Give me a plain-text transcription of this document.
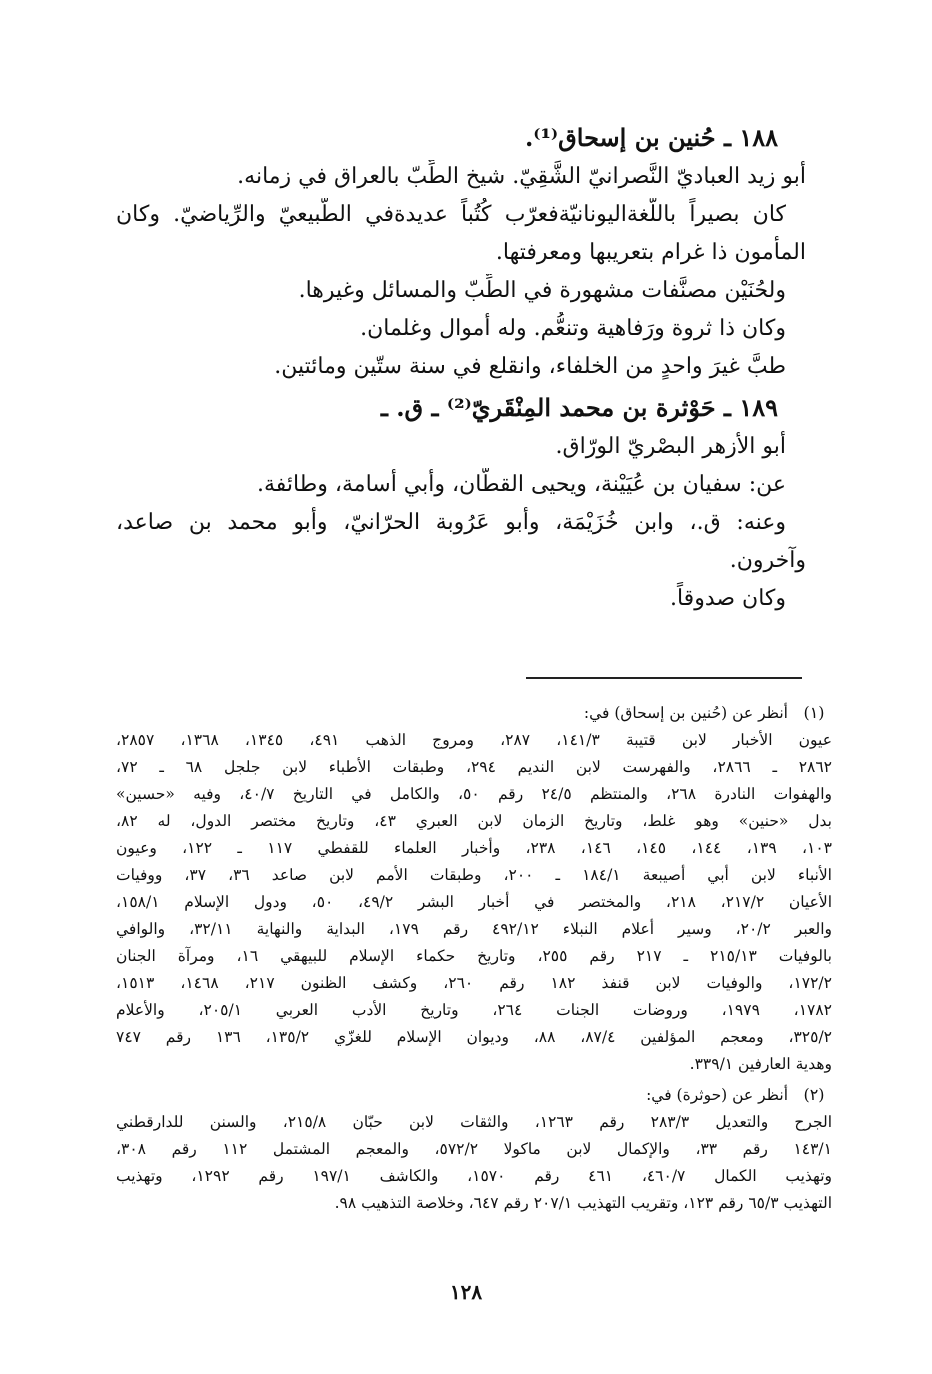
١٨٨ ـ حُنين بن إسحاق⁽¹⁾.
أبو زيد العباديّ النَّصرانيّ الشَّقِيّ. شيخ الطِّبّ بالعراق في زمانه.
كان بصيراً باللّغةاليونانيّةفعرّب كُتُباً عديدةفي الطّبيعيّ والرِّياضيّ. وكان
المأمون ذا غرام بتعريبها ومعرفتها.
ولحُنَيْن مصنَّفات مشهورة في الطِّبّ والمسائل وغيرها.
وكان ذا ثروة ورَفاهية وتنعُّم. وله أموال وغلمان.
طبَّ غيرَ واحدٍ من الخلفاء، وانقلع في سنة ستّين ومائتين.
١٨٩ ـ حَوْثرة بن محمد المِنْقَريّ⁽²⁾ ـ ق. ـ
أبو الأزهر البصْريّ الورّاق.
عن: سفيان بن عُيَيْنة، ويحيى القطّان، وأبي أسامة، وطائفة.
وعنه: ق.، وابن خُزَيْمَة، وأبو عَرُوبة الحرّانيّ، وأبو محمد بن صاعد،
وآخرون.
وكان صدوقاً.
(١)
أنظر عن (حُنين بن إسحاق) في:
عيون الأخبار لابن قتيبة ١٤١/٣، ٢٨٧، ومروج الذهب ٤٩١، ١٣٤٥، ١٣٦٨، ٢٨٥٧،
٢٨٦٢ ـ ٢٨٦٦، والفهرست لابن النديم ٢٩٤، وطبقات الأطباء لابن جلجل ٦٨ ـ ٧٢،
والهفوات النادرة ٢٦٨، والمنتظم ٢٤/٥ رقم ٥٠، والكامل في التاريخ ٤٠/٧، وفيه «حسين»
بدل «حنين» وهو غلط، وتاريخ الزمان لابن العبري ٤٣، وتاريخ مختصر الدول، له ٨٢،
١٠٣، ١٣٩، ١٤٤، ١٤٥، ١٤٦، ٢٣٨، وأخبار العلماء للقفطي ١١٧ ـ ١٢٢، وعيون
الأنباء لابن أبي أصيبعة ١٨٤/١ ـ ٢٠٠، وطبقات الأمم لابن صاعد ٣٦، ٣٧، ووفيات
الأعيان ٢١٧/٢، ٢١٨، والمختصر في أخبار البشر ٤٩/٢، ٥٠، ودول الإسلام ١٥٨/١،
والعبر ٢٠/٢، وسير أعلام النبلاء ٤٩٢/١٢ رقم ١٧٩، البداية والنهاية ٣٢/١١، والوافي
بالوفيات ٢١٥/١٣ ـ ٢١٧ رقم ٢٥٥، وتاريخ حكماء الإسلام للبيهقي ١٦، ومرآة الجنان
١٧٢/٢، والوفيات لابن قنفذ ١٨٢ رقم ٢٦٠، وكشف الظنون ٢١٧، ١٤٦٨، ١٥١٣،
١٧٨٢، ١٩٧٩، وروضات الجنات ٢٦٤، وتاريخ الأدب العربي ٢٠٥/١، والأعلام
٣٢٥/٢، ومعجم المؤلفين ٨٧/٤، ٨٨، وديوان الإسلام للغزّي ١٣٥/٢، ١٣٦ رقم ٧٤٧
وهدية العارفين ٣٣٩/١.
(٢)
أنظر عن (حوثرة) في:
الجرح والتعديل ٢٨٣/٣ رقم ١٢٦٣، والثقات لابن حبّان ٢١٥/٨، والسنن للدارقطني
١٤٣/١ رقم ٣٣، والإكمال لابن ماكولا ٥٧٢/٢، والمعجم المشتمل ١١٢ رقم ٣٠٨،
وتهذيب الكمال ٤٦٠/٧، ٤٦١ رقم ١٥٧٠، والكاشف ١٩٧/١ رقم ١٢٩٢، وتهذيب
التهذيب ٦٥/٣ رقم ١٢٣، وتقريب التهذيب ٢٠٧/١ رقم ٦٤٧، وخلاصة التذهيب ٩٨.
١٢٨
